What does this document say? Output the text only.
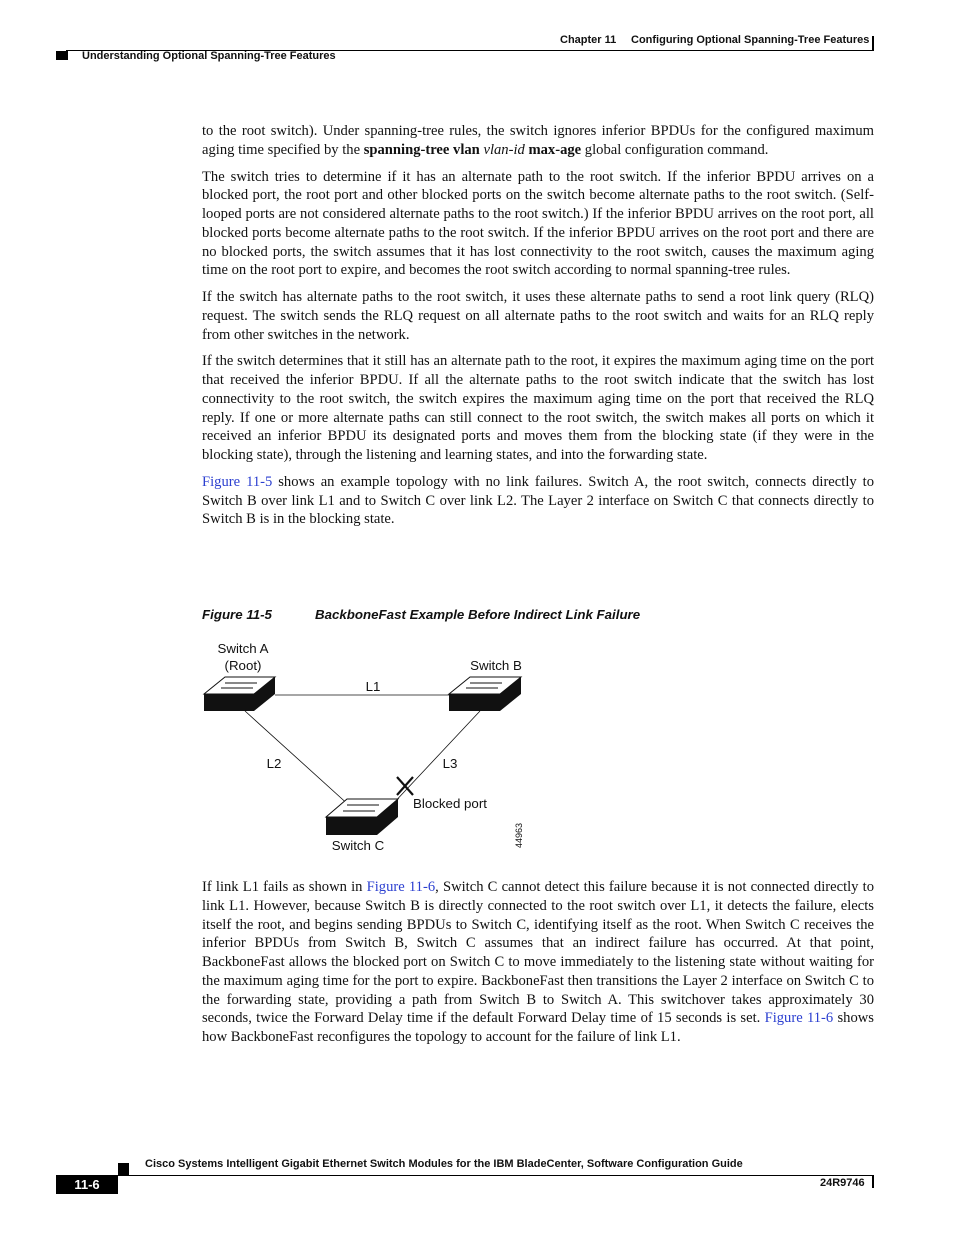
Chapter 11 Configuring Optional Spanning-Tree Features
Understanding Optional Spanning-Tree Features

to the root switch). Under spanning-tree rules, the switch ignores inferior BPDUs for the configured maximum aging time specified by the spanning-tree vlan vlan-id max-age global configuration command.

The switch tries to determine if it has an alternate path to the root switch. If the inferior BPDU arrives on a blocked port, the root port and other blocked ports on the switch become alternate paths to the root switch. (Self-looped ports are not considered alternate paths to the root switch.) If the inferior BPDU arrives on the root port, all blocked ports become alternate paths to the root switch. If the inferior BPDU arrives on the root port and there are no blocked ports, the switch assumes that it has lost connectivity to the root switch, causes the maximum aging time on the root port to expire, and becomes the root switch according to normal spanning-tree rules.

If the switch has alternate paths to the root switch, it uses these alternate paths to send a root link query (RLQ) request. The switch sends the RLQ request on all alternate paths to the root switch and waits for an RLQ reply from other switches in the network.

If the switch determines that it still has an alternate path to the root, it expires the maximum aging time on the port that received the inferior BPDU. If all the alternate paths to the root switch indicate that the switch has lost connectivity to the root switch, the switch expires the maximum aging time on the port that received the RLQ reply. If one or more alternate paths can still connect to the root switch, the switch makes all ports on which it received an inferior BPDU its designated ports and moves them from the blocking state (if they were in the blocking state), through the listening and learning states, and into the forwarding state.

Figure 11-5 shows an example topology with no link failures. Switch A, the root switch, connects directly to Switch B over link L1 and to Switch C over link L2. The Layer 2 interface on Switch C that connects directly to Switch B is in the blocking state.

Figure 11-5	BackboneFast Example Before Indirect Link Failure
Switch A
(Root)	Switch B
Switch C
L1
L2	L3
Blocked port
44963

If link L1 fails as shown in Figure 11-6, Switch C cannot detect this failure because it is not connected directly to link L1. However, because Switch B is directly connected to the root switch over L1, it detects the failure, elects itself the root, and begins sending BPDUs to Switch C, identifying itself as the root. When Switch C receives the inferior BPDUs from Switch B, Switch C assumes that an indirect failure has occurred. At that point, BackboneFast allows the blocked port on Switch C to move immediately to the listening state without waiting for the maximum aging time for the port to expire. BackboneFast then transitions the Layer 2 interface on Switch C to the forwarding state, providing a path from Switch B to Switch A. This switchover takes approximately 30 seconds, twice the Forward Delay time if the default Forward Delay time of 15 seconds is set. Figure 11-6 shows how BackboneFast reconfigures the topology to account for the failure of link L1.

Cisco Systems Intelligent Gigabit Ethernet Switch Modules for the IBM BladeCenter, Software Configuration Guide
11-6	24R9746
